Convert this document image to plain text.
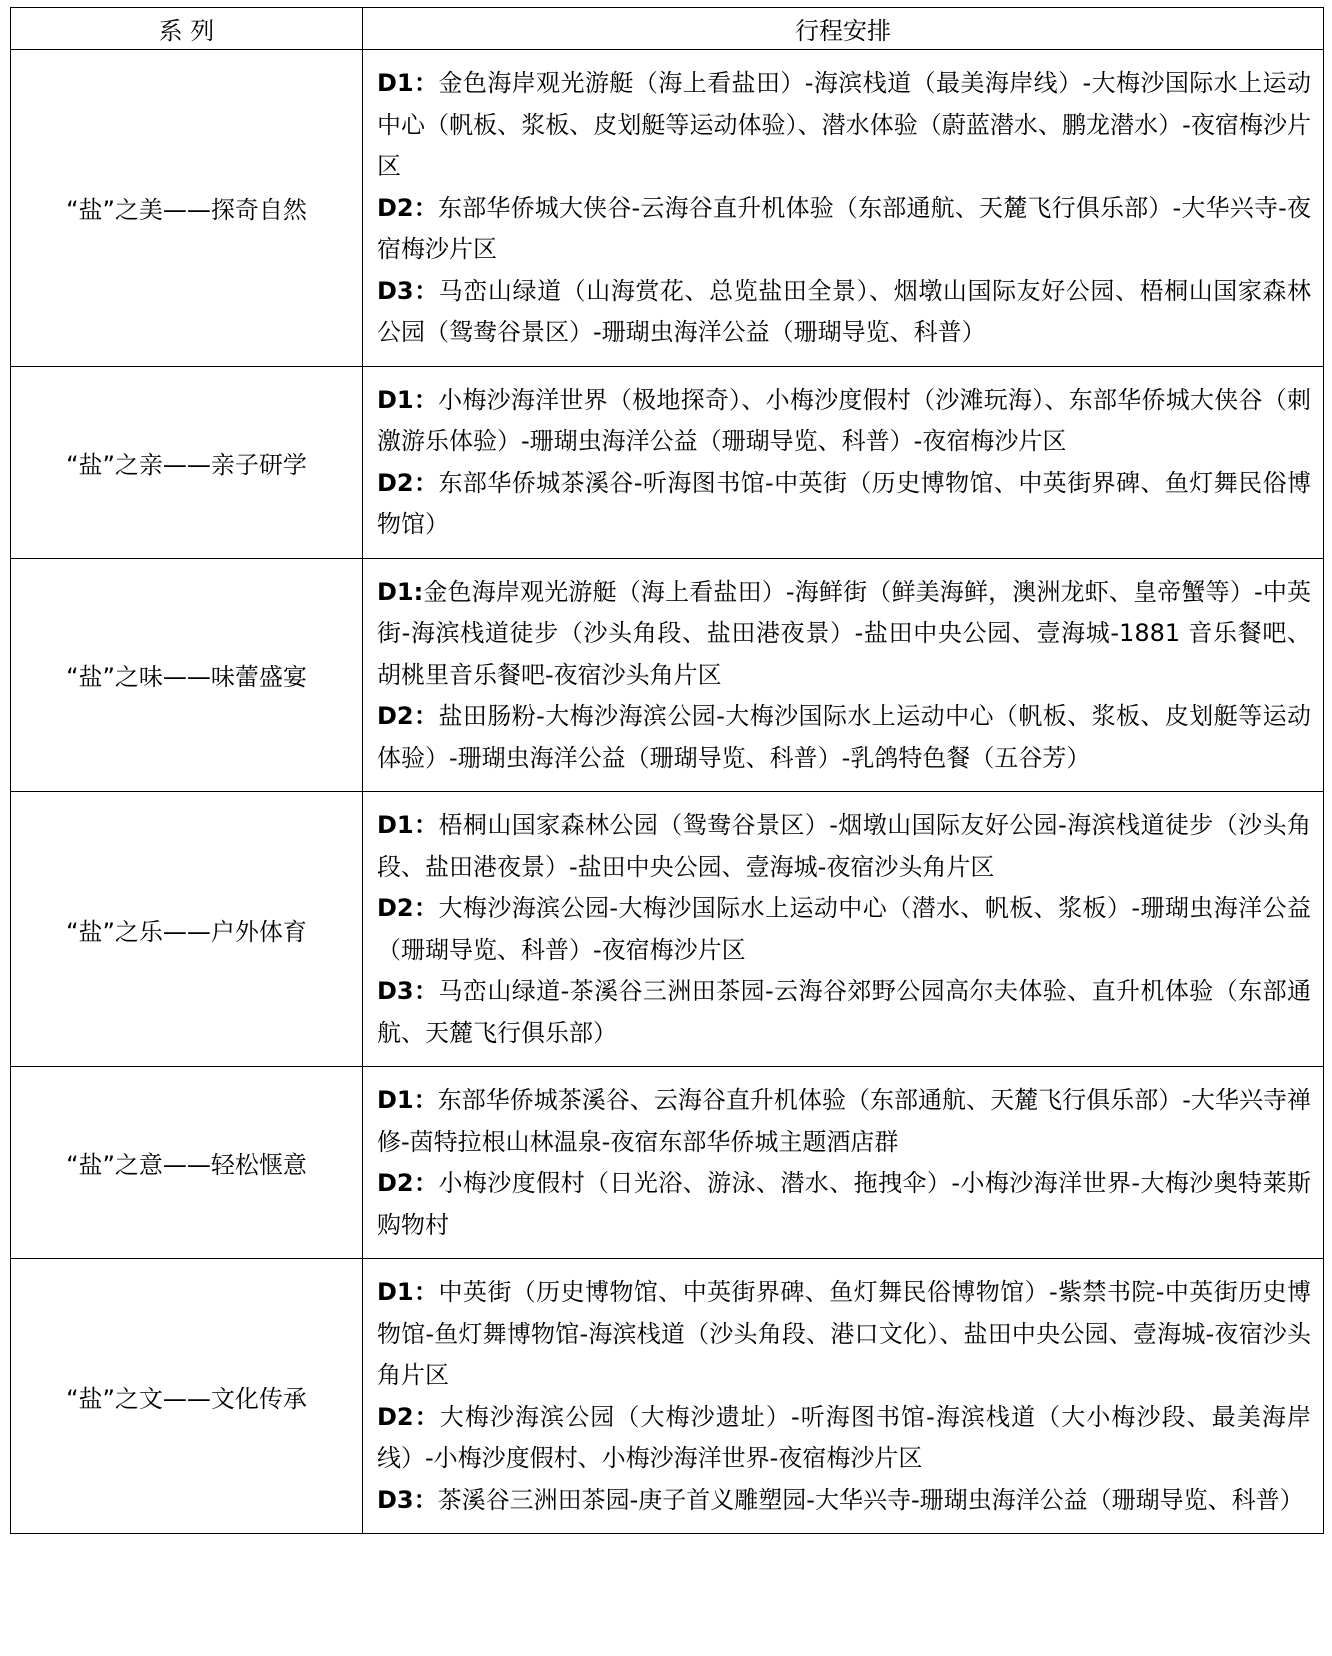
系 列	行程安排
“盐”之美——探奇自然	D1：金色海岸观光游艇（海上看盐田）-海滨栈道（最美海岸线）-大梅沙国际水上运动中心（帆板、浆板、皮划艇等运动体验）、潜水体验（蔚蓝潜水、鹏龙潜水）-夜宿梅沙片区

D2：东部华侨城大侠谷-云海谷直升机体验（东部通航、天麓飞行俱乐部）-大华兴寺-夜宿梅沙片区

D3：马峦山绿道（山海赏花、总览盐田全景）、烟墩山国际友好公园、梧桐山国家森林公园（鸳鸯谷景区）-珊瑚虫海洋公益（珊瑚导览、科普）

“盐”之亲——亲子研学	D1：小梅沙海洋世界（极地探奇）、小梅沙度假村（沙滩玩海）、东部华侨城大侠谷（刺激游乐体验）-珊瑚虫海洋公益（珊瑚导览、科普）-夜宿梅沙片区

D2：东部华侨城茶溪谷-听海图书馆-中英街（历史博物馆、中英街界碑、鱼灯舞民俗博物馆）

“盐”之味——味蕾盛宴	D1:金色海岸观光游艇（海上看盐田）-海鲜街（鲜美海鲜，澳洲龙虾、皇帝蟹等）-中英街-海滨栈道徒步（沙头角段、盐田港夜景）-盐田中央公园、壹海城-1881 音乐餐吧、胡桃里音乐餐吧-夜宿沙头角片区

D2：盐田肠粉-大梅沙海滨公园-大梅沙国际水上运动中心（帆板、浆板、皮划艇等运动体验）-珊瑚虫海洋公益（珊瑚导览、科普）-乳鸽特色餐（五谷芳）

“盐”之乐——户外体育	D1：梧桐山国家森林公园（鸳鸯谷景区）-烟墩山国际友好公园-海滨栈道徒步（沙头角段、盐田港夜景）-盐田中央公园、壹海城-夜宿沙头角片区

D2：大梅沙海滨公园-大梅沙国际水上运动中心（潜水、帆板、浆板）-珊瑚虫海洋公益（珊瑚导览、科普）-夜宿梅沙片区

D3：马峦山绿道-茶溪谷三洲田茶园-云海谷郊野公园高尔夫体验、直升机体验（东部通航、天麓飞行俱乐部）

“盐”之意——轻松惬意	D1：东部华侨城茶溪谷、云海谷直升机体验（东部通航、天麓飞行俱乐部）-大华兴寺禅修-茵特拉根山林温泉-夜宿东部华侨城主题酒店群

D2：小梅沙度假村（日光浴、游泳、潜水、拖拽伞）-小梅沙海洋世界-大梅沙奥特莱斯购物村

“盐”之文——文化传承	D1：中英街（历史博物馆、中英街界碑、鱼灯舞民俗博物馆）-紫禁书院-中英街历史博物馆-鱼灯舞博物馆-海滨栈道（沙头角段、港口文化）、盐田中央公园、壹海城-夜宿沙头角片区

D2：大梅沙海滨公园（大梅沙遗址）-听海图书馆-海滨栈道（大小梅沙段、最美海岸线）-小梅沙度假村、小梅沙海洋世界-夜宿梅沙片区

D3：茶溪谷三洲田茶园-庚子首义雕塑园-大华兴寺-珊瑚虫海洋公益（珊瑚导览、科普）
